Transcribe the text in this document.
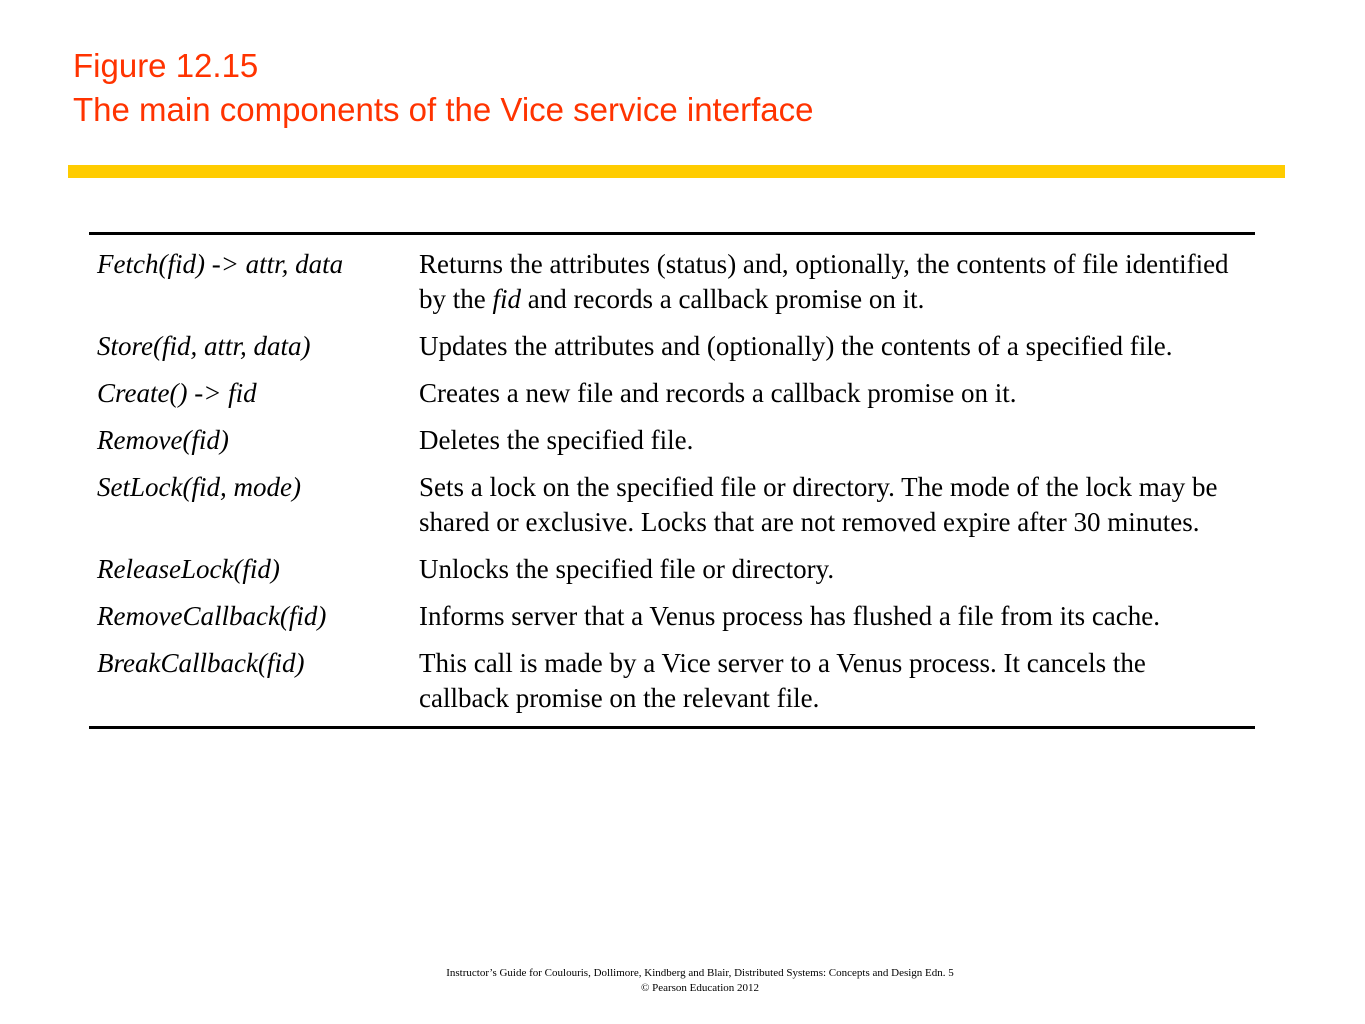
Figure 12.15
The main components of the Vice service interface
Fetch(fid) -> attr, data	Returns the attributes (status) and, optionally, the contents of file identified by the fid and records a callback promise on it.
Store(fid, attr, data)	Updates the attributes and (optionally) the contents of a specified file.
Create() -> fid	Creates a new file and records a callback promise on it.
Remove(fid)	Deletes the specified file.
SetLock(fid, mode)	Sets a lock on the specified file or directory. The mode of the lock may be shared or exclusive. Locks that are not removed expire after 30 minutes.
ReleaseLock(fid)	Unlocks the specified file or directory.
RemoveCallback(fid)	Informs server that a Venus process has flushed a file from its cache.
BreakCallback(fid)	This call is made by a Vice server to a Venus process. It cancels the callback promise on the relevant file.
Instructor’s Guide for Coulouris, Dollimore, Kindberg and Blair, Distributed Systems: Concepts and Design Edn. 5
© Pearson Education 2012
